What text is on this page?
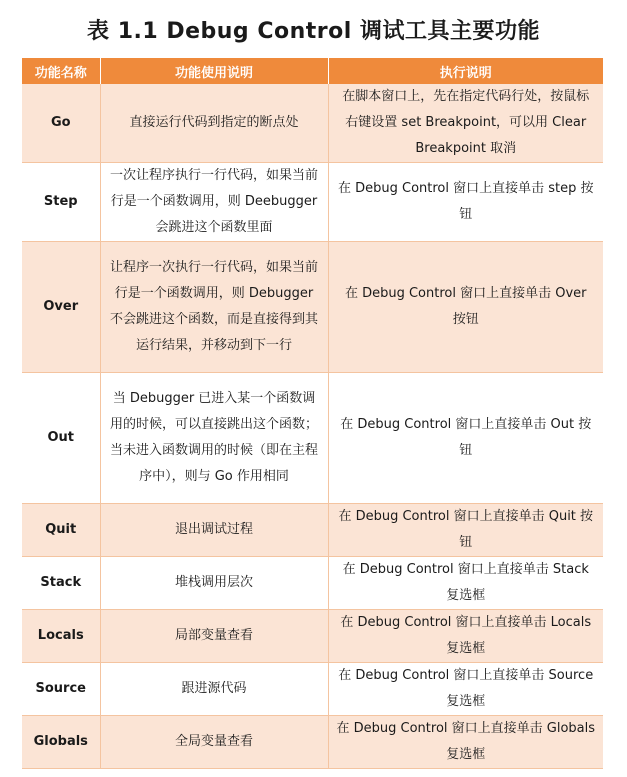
表 1.1 Debug Control 调试工具主要功能
功能名称	功能使用说明	执行说明
Go	直接运行代码到指定的断点处	在脚本窗口上，先在指定代码行处，按鼠标右键设置 set Breakpoint，可以用 Clear Breakpoint 取消
Step	一次让程序执行一行代码，如果当前行是一个函数调用，则 Deebugger 会跳进这个函数里面	在 Debug Control 窗口上直接单击 step 按钮
Over	让程序一次执行一行代码，如果当前行是一个函数调用，则 Debugger 不会跳进这个函数，而是直接得到其运行结果，并移动到下一行	在 Debug Control 窗口上直接单击 Over 按钮
Out	当 Debugger 已进入某一个函数调用的时候，可以直接跳出这个函数；当未进入函数调用的时候（即在主程序中），则与 Go 作用相同	在 Debug Control 窗口上直接单击 Out 按钮
Quit	退出调试过程	在 Debug Control 窗口上直接单击 Quit 按钮
Stack	堆栈调用层次	在 Debug Control 窗口上直接单击 Stack 复选框
Locals	局部变量查看	在 Debug Control 窗口上直接单击 Locals 复选框
Source	跟进源代码	在 Debug Control 窗口上直接单击 Source 复选框
Globals	全局变量查看	在 Debug Control 窗口上直接单击 Globals 复选框
